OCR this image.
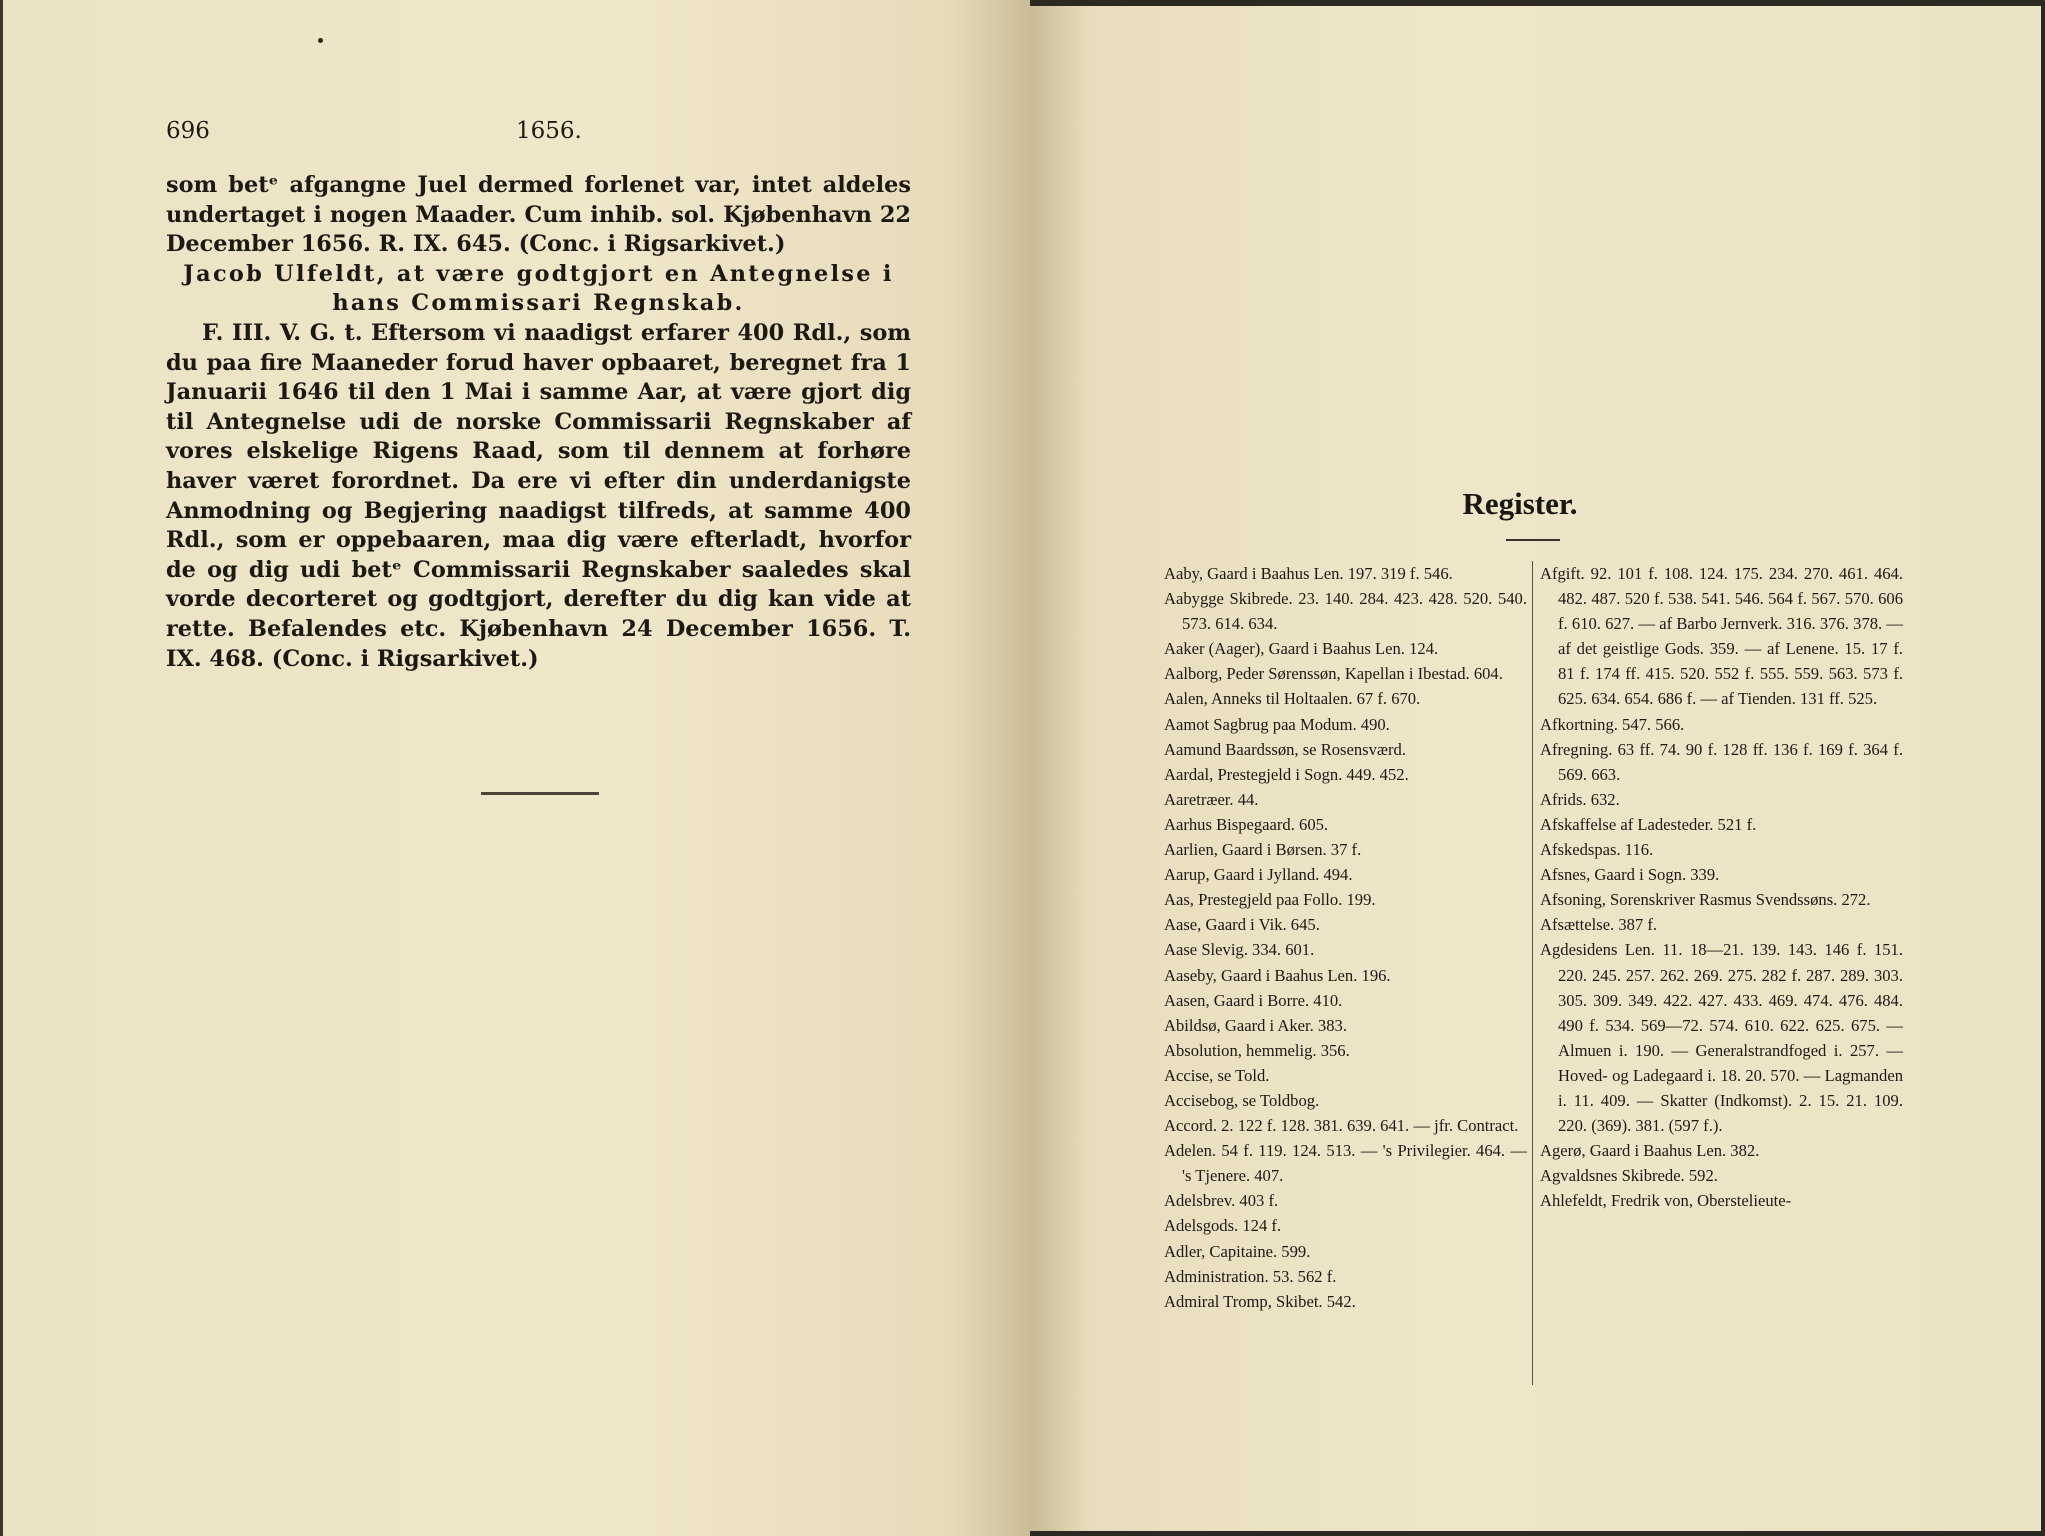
696	1656.

som betᵉ afgangne Juel dermed forlenet var, intet aldeles undertaget i nogen Maader. Cum inhib. sol. Kjøbenhavn 22 December 1656. R. IX. 645. (Conc. i Rigsarkivet.)

Jacob Ulfeldt, at være godtgjort en Antegnelse i hans Commissari Regnskab.

F. III. V. G. t. Eftersom vi naadigst erfarer 400 Rdl., som du paa fire Maaneder forud haver opbaaret, beregnet fra 1 Januarii 1646 til den 1 Mai i samme Aar, at være gjort dig til Antegnelse udi de norske Commissarii Regnskaber af vores elskelige Rigens Raad, som til dennem at forhøre haver været forordnet. Da ere vi efter din underdanigste Anmodning og Begjering naadigst tilfreds, at samme 400 Rdl., som er oppebaaren, maa dig være efterladt, hvorfor de og dig udi betᵉ Commissarii Regnskaber saaledes skal vorde decorteret og godtgjort, derefter du dig kan vide at rette. Befalendes etc. Kjøbenhavn 24 December 1656. T. IX. 468. (Conc. i Rigsarkivet.)

Register.

Aaby, Gaard i Baahus Len. 197. 319 f. 546.

Aabygge Skibrede. 23. 140. 284. 423. 428. 520. 540. 573. 614. 634.

Aaker (Aager), Gaard i Baahus Len. 124.

Aalborg, Peder Sørenssøn, Kapellan i Ibestad. 604.

Aalen, Anneks til Holtaalen. 67 f. 670.

Aamot Sagbrug paa Modum. 490.

Aamund Baardssøn, se Rosensværd.

Aardal, Prestegjeld i Sogn. 449. 452.

Aaretræer. 44.

Aarhus Bispegaard. 605.

Aarlien, Gaard i Børsen. 37 f.

Aarup, Gaard i Jylland. 494.

Aas, Prestegjeld paa Follo. 199.

Aase, Gaard i Vik. 645.

Aase Slevig. 334. 601.

Aaseby, Gaard i Baahus Len. 196.

Aasen, Gaard i Borre. 410.

Abildsø, Gaard i Aker. 383.

Absolution, hemmelig. 356.

Accise, se Told.

Accisebog, se Toldbog.

Accord. 2. 122 f. 128. 381. 639. 641. — jfr. Contract.

Adelen. 54 f. 119. 124. 513. — 's Privilegier. 464. — 's Tjenere. 407.

Adelsbrev. 403 f.

Adelsgods. 124 f.

Adler, Capitaine. 599.

Administration. 53. 562 f.

Admiral Tromp, Skibet. 542.

Afgift. 92. 101 f. 108. 124. 175. 234. 270. 461. 464. 482. 487. 520 f. 538. 541. 546. 564 f. 567. 570. 606 f. 610. 627. — af Barbo Jernverk. 316. 376. 378. — af det geistlige Gods. 359. — af Lenene. 15. 17 f. 81 f. 174 ff. 415. 520. 552 f. 555. 559. 563. 573 f. 625. 634. 654. 686 f. — af Tienden. 131 ff. 525.

Afkortning. 547. 566.

Afregning. 63 ff. 74. 90 f. 128 ff. 136 f. 169 f. 364 f. 569. 663.

Afrids. 632.

Afskaffelse af Ladesteder. 521 f.

Afskedspas. 116.

Afsnes, Gaard i Sogn. 339.

Afsoning, Sorenskriver Rasmus Svendssøns. 272.

Afsættelse. 387 f.

Agdesidens Len. 11. 18—21. 139. 143. 146 f. 151. 220. 245. 257. 262. 269. 275. 282 f. 287. 289. 303. 305. 309. 349. 422. 427. 433. 469. 474. 476. 484. 490 f. 534. 569—72. 574. 610. 622. 625. 675. — Almuen i. 190. — Generalstrandfoged i. 257. — Hoved- og Ladegaard i. 18. 20. 570. — Lagmanden i. 11. 409. — Skatter (Indkomst). 2. 15. 21. 109. 220. (369). 381. (597 f.).

Agerø, Gaard i Baahus Len. 382.

Agvaldsnes Skibrede. 592.

Ahlefeldt, Fredrik von, Oberstelieute-
